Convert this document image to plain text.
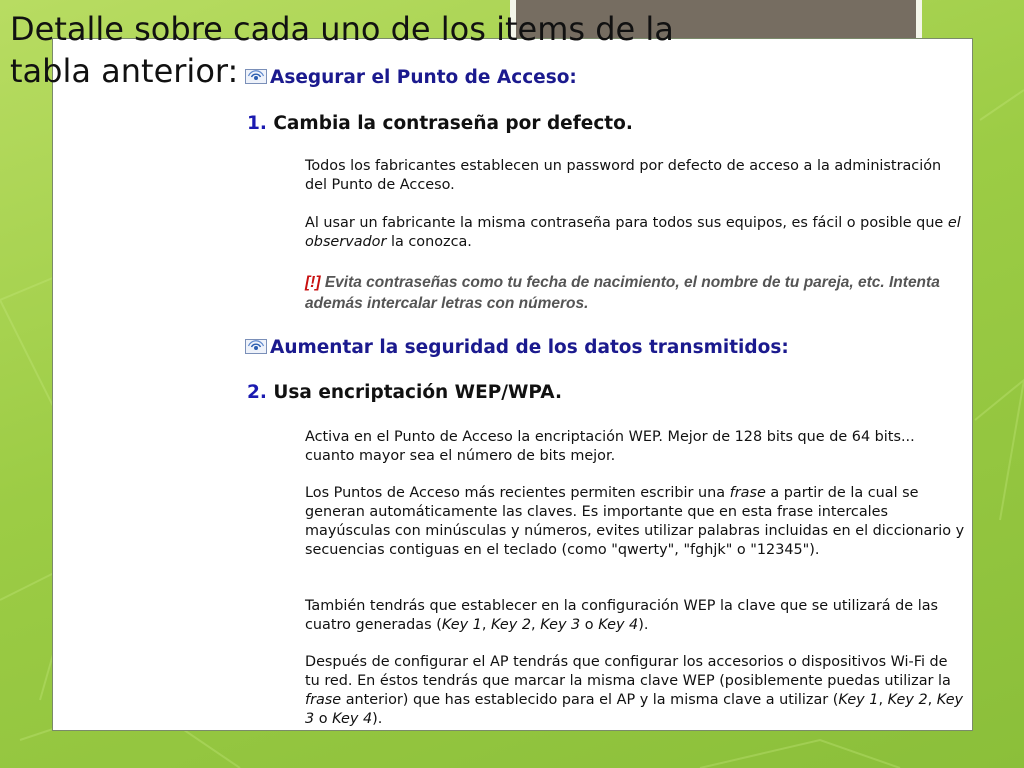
Asegurar el Punto de Acceso:
1. Cambia la contraseña por defecto.

Todos los fabricantes establecen un password por defecto de acceso a la administración del Punto de Acceso.

Al usar un fabricante la misma contraseña para todos sus equipos, es fácil o posible que el observador la conozca.

[!] Evita contraseñas como tu fecha de nacimiento, el nombre de tu pareja, etc. Intenta además intercalar letras con números.

Aumentar la seguridad de los datos transmitidos:
2. Usa encriptación WEP/WPA.

Activa en el Punto de Acceso la encriptación WEP. Mejor de 128 bits que de 64 bits... cuanto mayor sea el número de bits mejor.

Los Puntos de Acceso más recientes permiten escribir una frase a partir de la cual se generan automáticamente las claves. Es importante que en esta frase intercales mayúsculas con minúsculas y números, evites utilizar palabras incluidas en el diccionario y secuencias contiguas en el teclado (como "qwerty", "fghjk" o "12345").

También tendrás que establecer en la configuración WEP la clave que se utilizará de las cuatro generadas (Key 1, Key 2, Key 3 o Key 4).

Después de configurar el AP tendrás que configurar los accesorios o dispositivos Wi-Fi de tu red. En éstos tendrás que marcar la misma clave WEP (posiblemente puedas utilizar la frase anterior) que has establecido para el AP y la misma clave a utilizar (Key 1, Key 2, Key 3 o Key 4).

Detalle sobre cada uno de los items de la tabla anterior:
